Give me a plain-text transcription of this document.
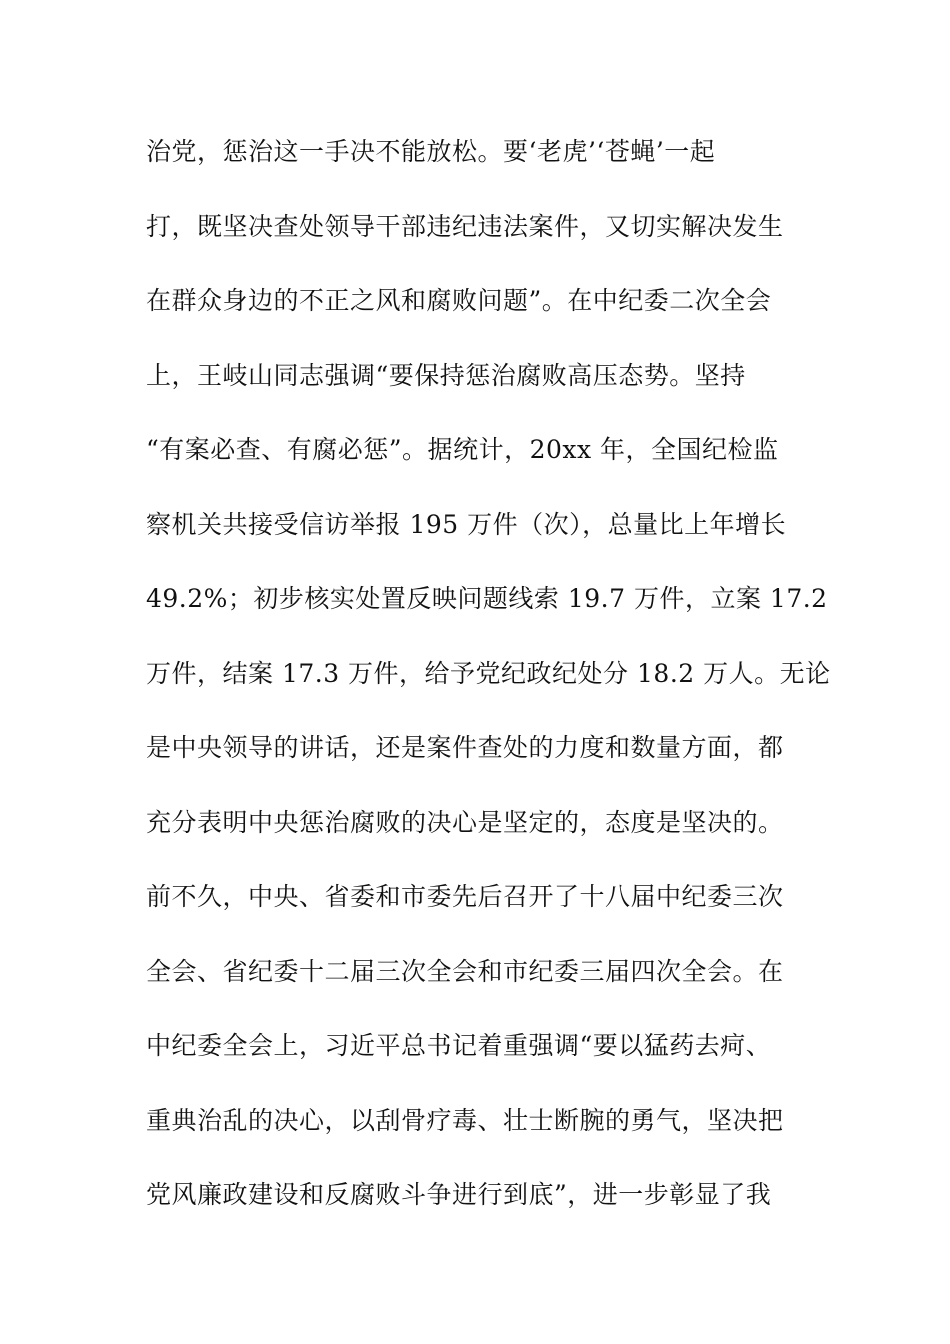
治党，惩治这一手决不能放松。要‘老虎’‘苍蝇’一起
打，既坚决查处领导干部违纪违法案件，又切实解决发生
在群众身边的不正之风和腐败问题”。在中纪委二次全会
上，王岐山同志强调“要保持惩治腐败高压态势。坚持
“有案必查、有腐必惩”。据统计，20xx 年，全国纪检监
察机关共接受信访举报 195 万件（次），总量比上年增长
49.2%；初步核实处置反映问题线索 19.7 万件，立案 17.2
万件，结案 17.3 万件，给予党纪政纪处分 18.2 万人。无论
是中央领导的讲话，还是案件查处的力度和数量方面，都
充分表明中央惩治腐败的决心是坚定的，态度是坚决的。
前不久，中央、省委和市委先后召开了十八届中纪委三次
全会、省纪委十二届三次全会和市纪委三届四次全会。在
中纪委全会上，习近平总书记着重强调“要以猛药去疴、
重典治乱的决心，以刮骨疗毒、壮士断腕的勇气，坚决把
党风廉政建设和反腐败斗争进行到底”，进一步彰显了我
